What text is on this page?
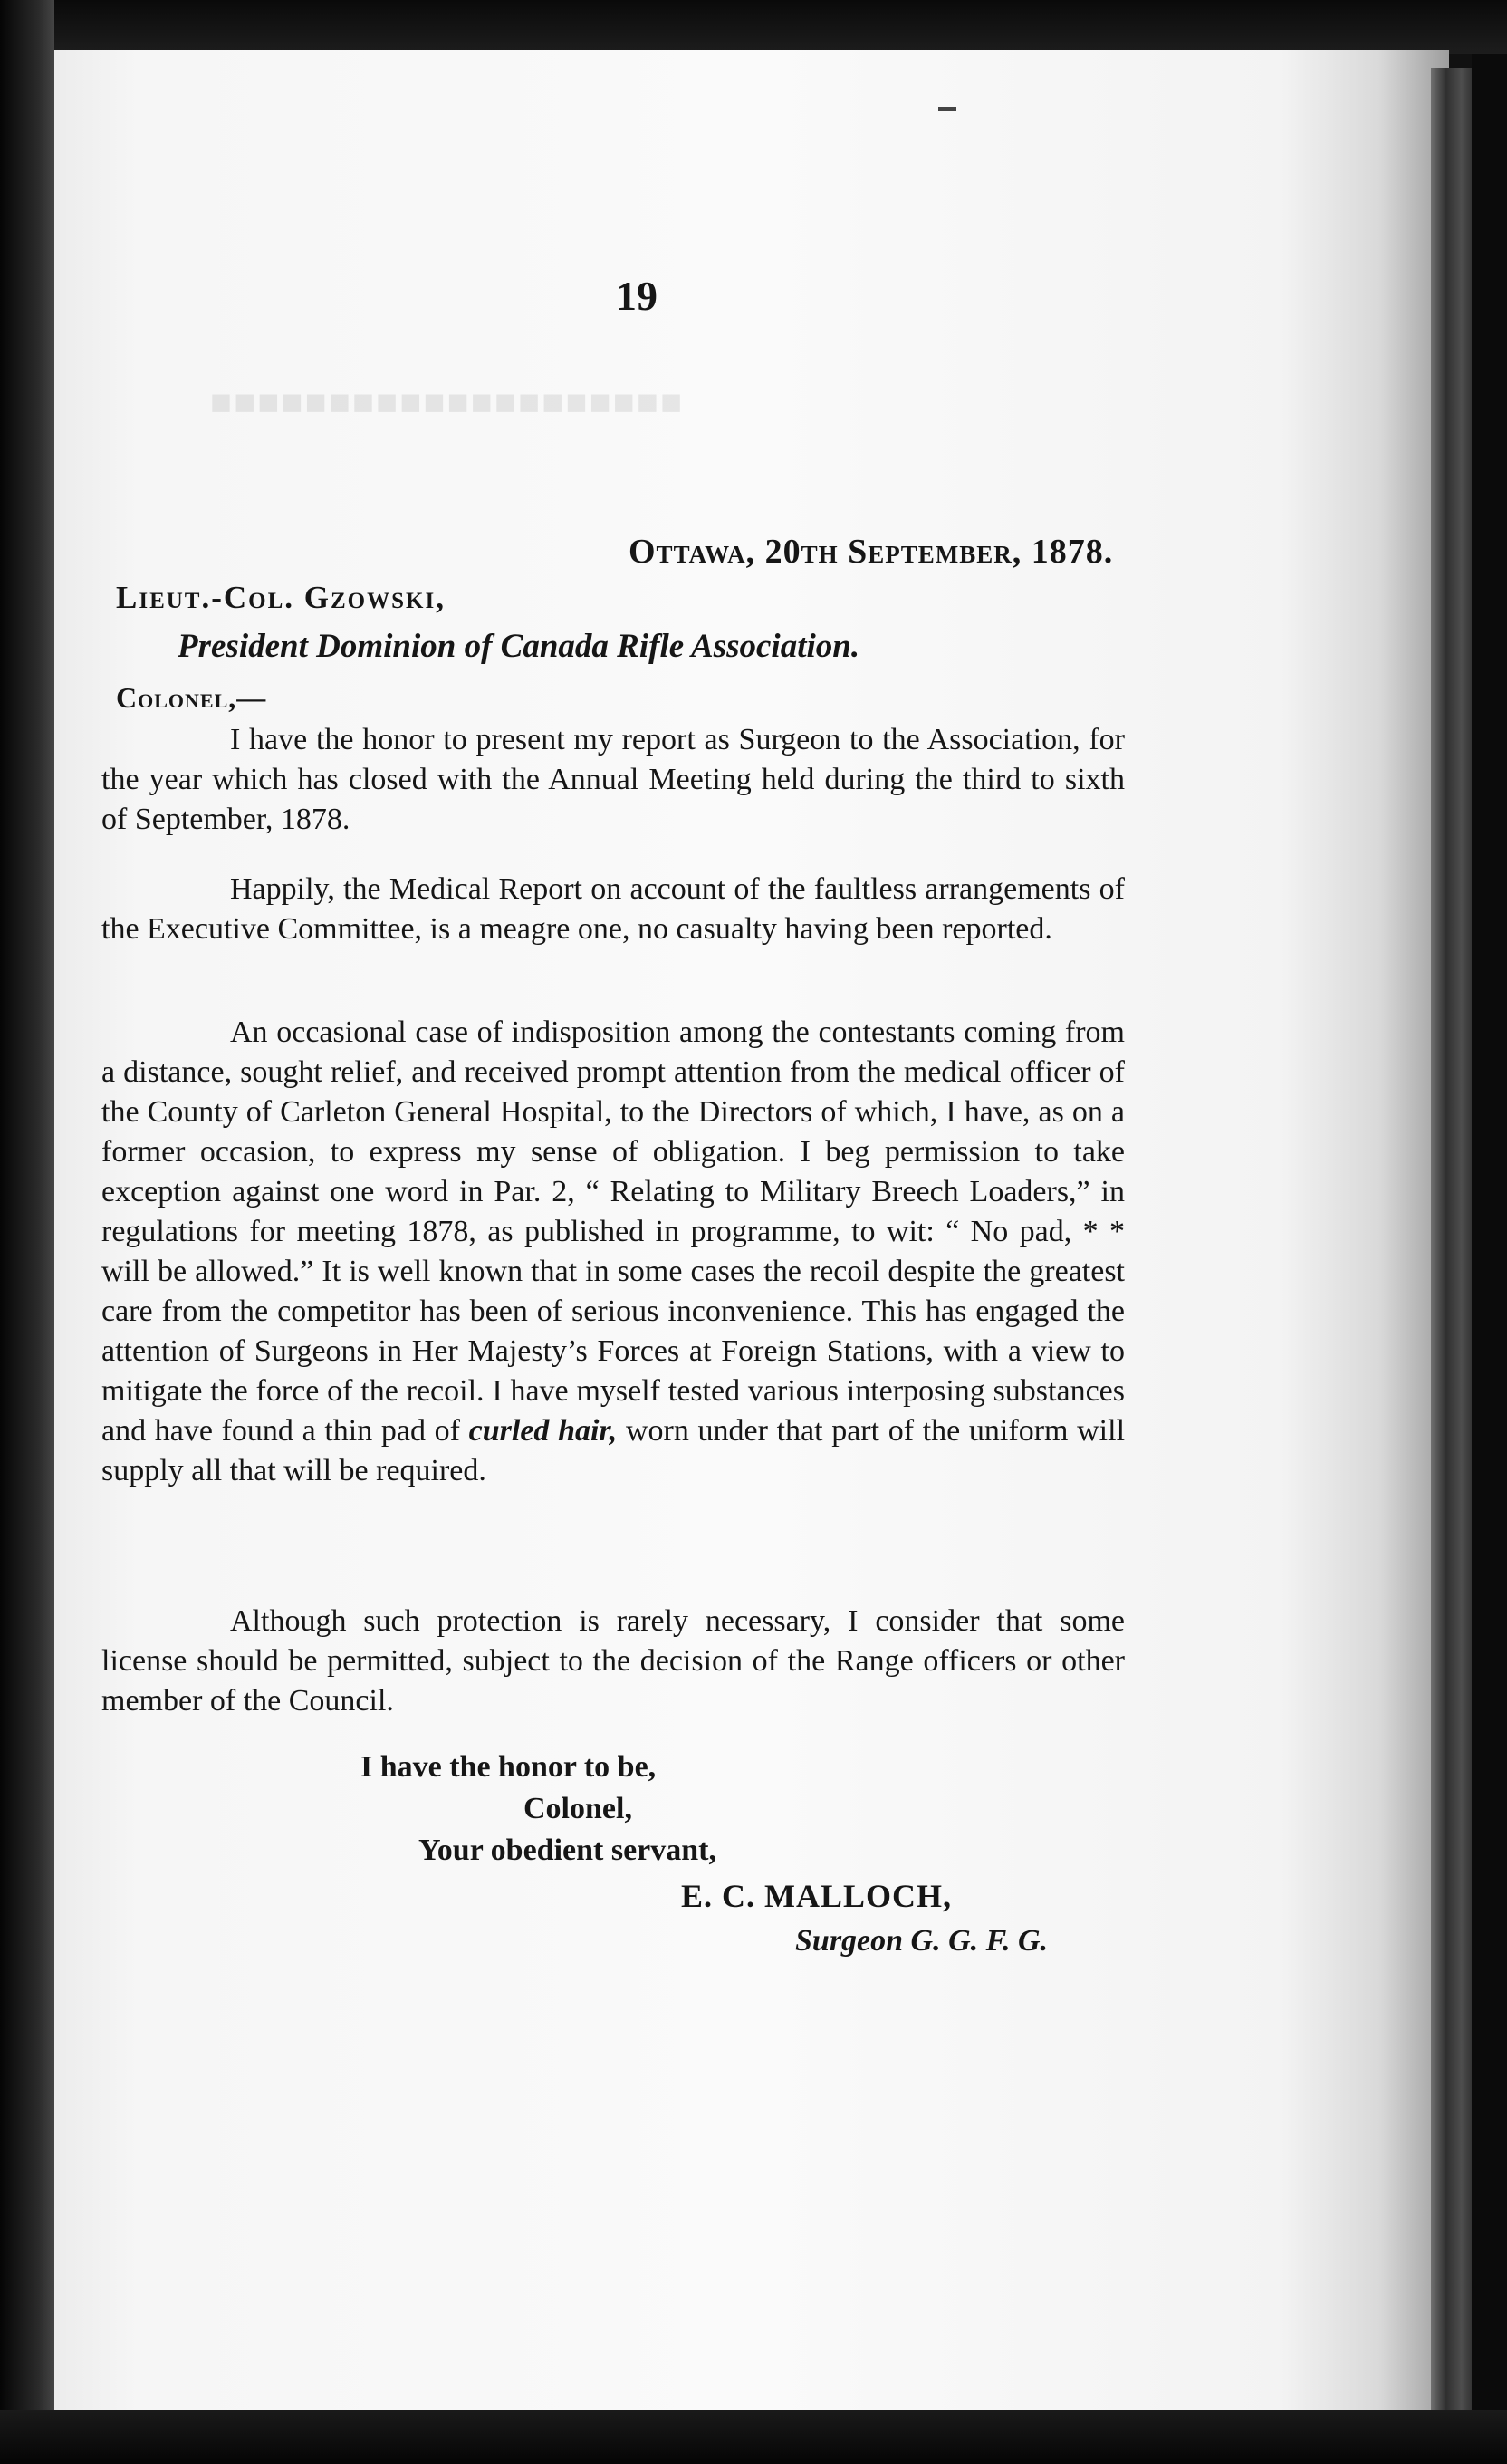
■■■■■■■■■■■■■■■■■■■■
19
Ottawa, 20th September, 1878.
Lieut.-Col. Gzowski,
President Dominion of Canada Rifle Association.
Colonel,—

I have the honor to present my report as Surgeon to the Association, for the year which has closed with the Annual Meeting held during the third to sixth of September, 1878.

Happily, the Medical Report on account of the faultless arrangements of the Executive Committee, is a meagre one, no casualty having been reported.

An occasional case of indisposition among the contestants coming from a distance, sought relief, and received prompt attention from the medical officer of the County of Carleton General Hospital, to the Directors of which, I have, as on a former occasion, to express my sense of obligation. I beg permission to take exception against one word in Par. 2, “ Relating to Military Breech Loaders,” in regulations for meeting 1878, as published in programme, to wit: “ No pad, * * will be allowed.” It is well known that in some cases the recoil despite the greatest care from the competitor has been of serious inconvenience. This has engaged the attention of Surgeons in Her Majesty’s Forces at Foreign Stations, with a view to mitigate the force of the recoil. I have myself tested various interposing substances and have found a thin pad of curled hair, worn under that part of the uniform will supply all that will be required.

Although such protection is rarely necessary, I consider that some license should be permitted, subject to the decision of the Range officers or other member of the Council.

I have the honor to be,
Colonel,
Your obedient servant,
E. C. MALLOCH,
Surgeon G. G. F. G.
